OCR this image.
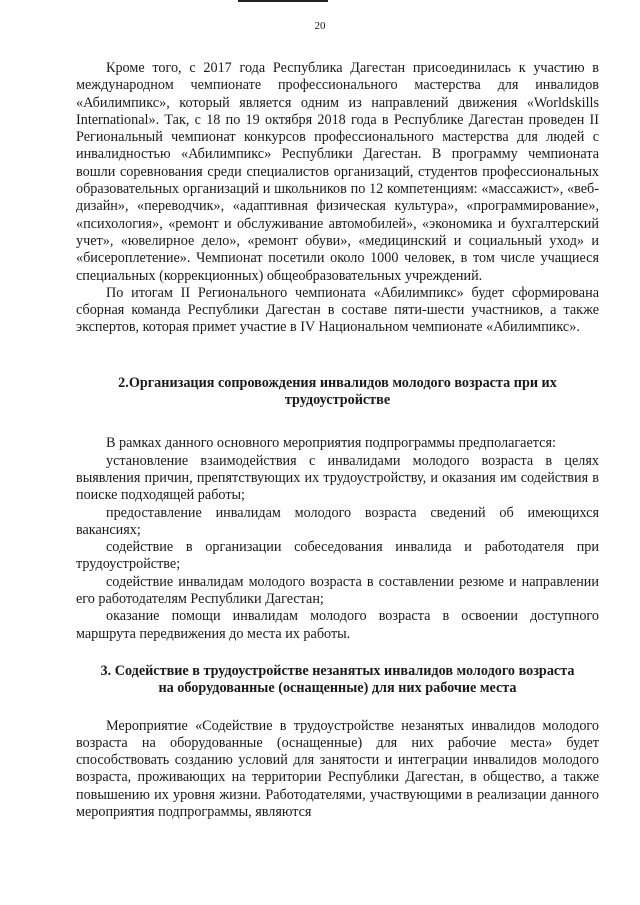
20

Кроме того, с 2017 года Республика Дагестан присоединилась к участию в международном чемпионате профессионального мастерства для инвалидов «Абилимпикс», который является одним из направлений движения «Worldskills International». Так, с 18 по 19 октября 2018 года в Республике Дагестан проведен II Региональный чемпионат конкурсов профессионального мастерства для людей с инвалидностью «Абилимпикс» Республики Дагестан. В программу чемпионата вошли соревнования среди специалистов организаций, студентов профессиональных образовательных организаций и школьников по 12 компетенциям: «массажист», «веб-дизайн», «переводчик», «адаптивная физическая культура», «программирование», «психология», «ремонт и обслуживание автомобилей», «экономика и бухгалтерский учет», «ювелирное дело», «ремонт обуви», «медицинский и социальный уход» и «бисероплетение». Чемпионат посетили около 1000 человек, в том числе учащиеся специальных (коррекционных) общеобразовательных учреждений.

По итогам II Регионального чемпионата «Абилимпикс» будет сформирована сборная команда Республики Дагестан в составе пяти-шести участников, а также экспертов, которая примет участие в IV Национальном чемпионате «Абилимпикс».

2.Организация сопровождения инвалидов молодого возраста при их трудоустройстве

В рамках данного основного мероприятия подпрограммы предполагается:

установление взаимодействия с инвалидами молодого возраста в целях выявления причин, препятствующих их трудоустройству, и оказания им содействия в поиске подходящей работы;

предоставление инвалидам молодого возраста сведений об имеющихся вакансиях;

содействие в организации собеседования инвалида и работодателя при трудоустройстве;

содействие инвалидам молодого возраста в составлении резюме и направлении его работодателям Республики Дагестан;

оказание помощи инвалидам молодого возраста в освоении доступного маршрута передвижения до места их работы.

3. Содействие в трудоустройстве незанятых инвалидов молодого возраста на оборудованные (оснащенные) для них рабочие места

Мероприятие «Содействие в трудоустройстве незанятых инвалидов молодого возраста на оборудованные (оснащенные) для них рабочие места» будет способствовать созданию условий для занятости и интеграции инвалидов молодого возраста, проживающих на территории Республики Дагестан, в общество, а также повышению их уровня жизни. Работодателями, участвующими в реализации данного мероприятия подпрограммы, являются
